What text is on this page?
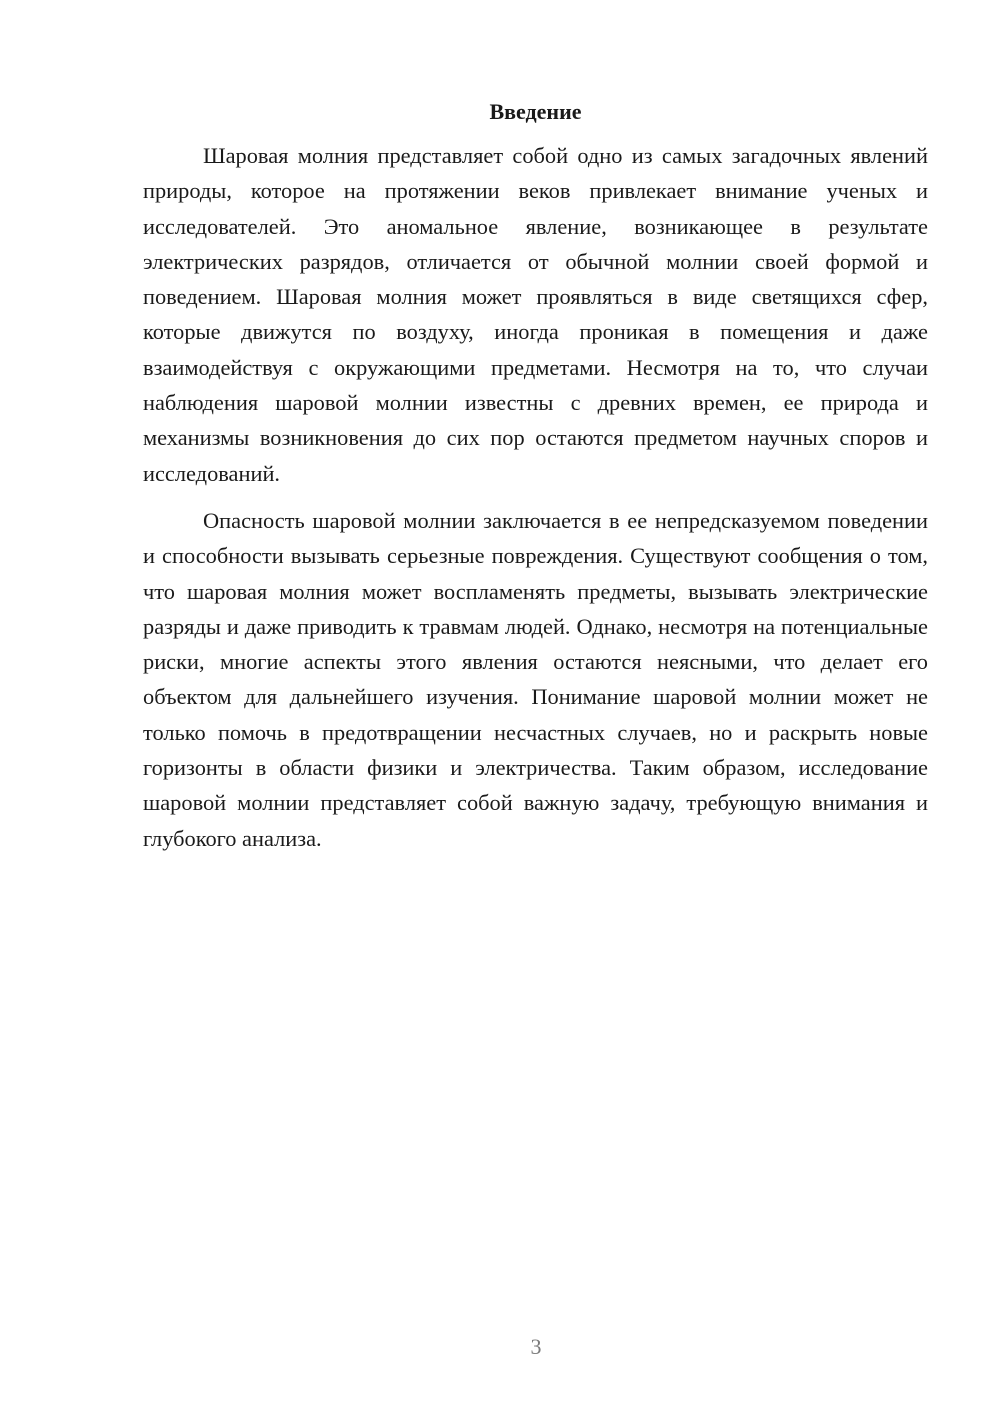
Введение

Шаровая молния представляет собой одно из самых загадочных явлений природы, которое на протяжении веков привлекает внимание ученых и исследователей. Это аномальное явление, возникающее в результате электрических разрядов, отличается от обычной молнии своей формой и поведением. Шаровая молния может проявляться в виде светящихся сфер, которые движутся по воздуху, иногда проникая в помещения и даже взаимодействуя с окружающими предметами. Несмотря на то, что случаи наблюдения шаровой молнии известны с древних времен, ее природа и механизмы возникновения до сих пор остаются предметом научных споров и исследований.

Опасность шаровой молнии заключается в ее непредсказуемом поведении и способности вызывать серьезные повреждения. Существуют сообщения о том, что шаровая молния может воспламенять предметы, вызывать электрические разряды и даже приводить к травмам людей. Однако, несмотря на потенциальные риски, многие аспекты этого явления остаются неясными, что делает его объектом для дальнейшего изучения. Понимание шаровой молнии может не только помочь в предотвращении несчастных случаев, но и раскрыть новые горизонты в области физики и электричества. Таким образом, исследование шаровой молнии представляет собой важную задачу, требующую внимания и глубокого анализа.

3
